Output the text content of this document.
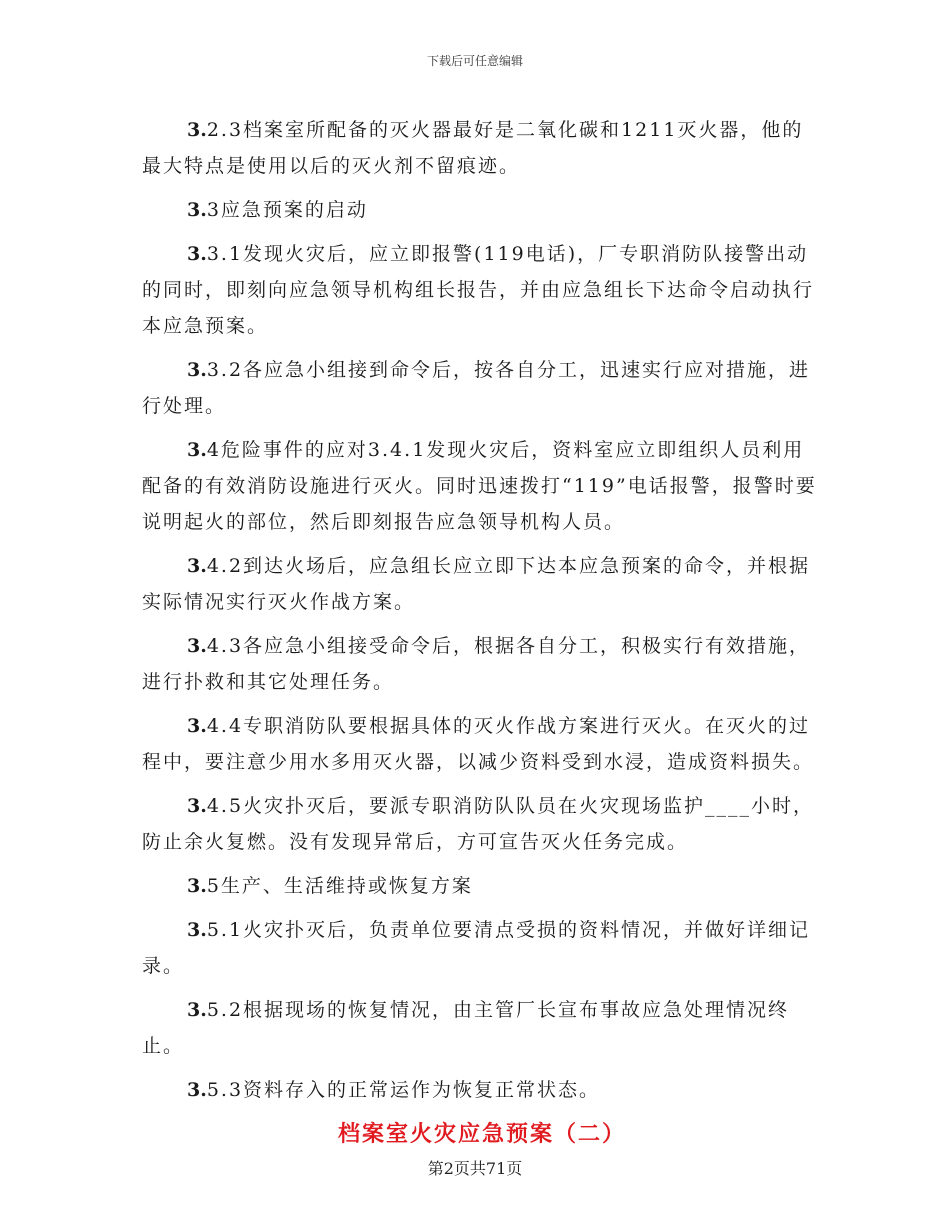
下载后可任意编辑

3.2.3档案室所配备的灭火器最好是二氧化碳和1211灭火器，他的最大特点是使用以后的灭火剂不留痕迹。

3.3应急预案的启动

3.3.1发现火灾后，应立即报警(119电话)，厂专职消防队接警出动的同时，即刻向应急领导机构组长报告，并由应急组长下达命令启动执行本应急预案。

3.3.2各应急小组接到命令后，按各自分工，迅速实行应对措施，进行处理。

3.4危险事件的应对3.4.1发现火灾后，资料室应立即组织人员利用配备的有效消防设施进行灭火。同时迅速拨打“119”电话报警，报警时要说明起火的部位，然后即刻报告应急领导机构人员。

3.4.2到达火场后，应急组长应立即下达本应急预案的命令，并根据实际情况实行灭火作战方案。

3.4.3各应急小组接受命令后，根据各自分工，积极实行有效措施，进行扑救和其它处理任务。

3.4.4专职消防队要根据具体的灭火作战方案进行灭火。在灭火的过程中，要注意少用水多用灭火器，以减少资料受到水浸，造成资料损失。

3.4.5火灾扑灭后，要派专职消防队队员在火灾现场监护____小时，防止余火复燃。没有发现异常后，方可宣告灭火任务完成。

3.5生产、生活维持或恢复方案

3.5.1火灾扑灭后，负责单位要清点受损的资料情况，并做好详细记录。

3.5.2根据现场的恢复情况，由主管厂长宣布事故应急处理情况终止。

3.5.3资料存入的正常运作为恢复正常状态。

档案室火灾应急预案（二）
第2页共71页
